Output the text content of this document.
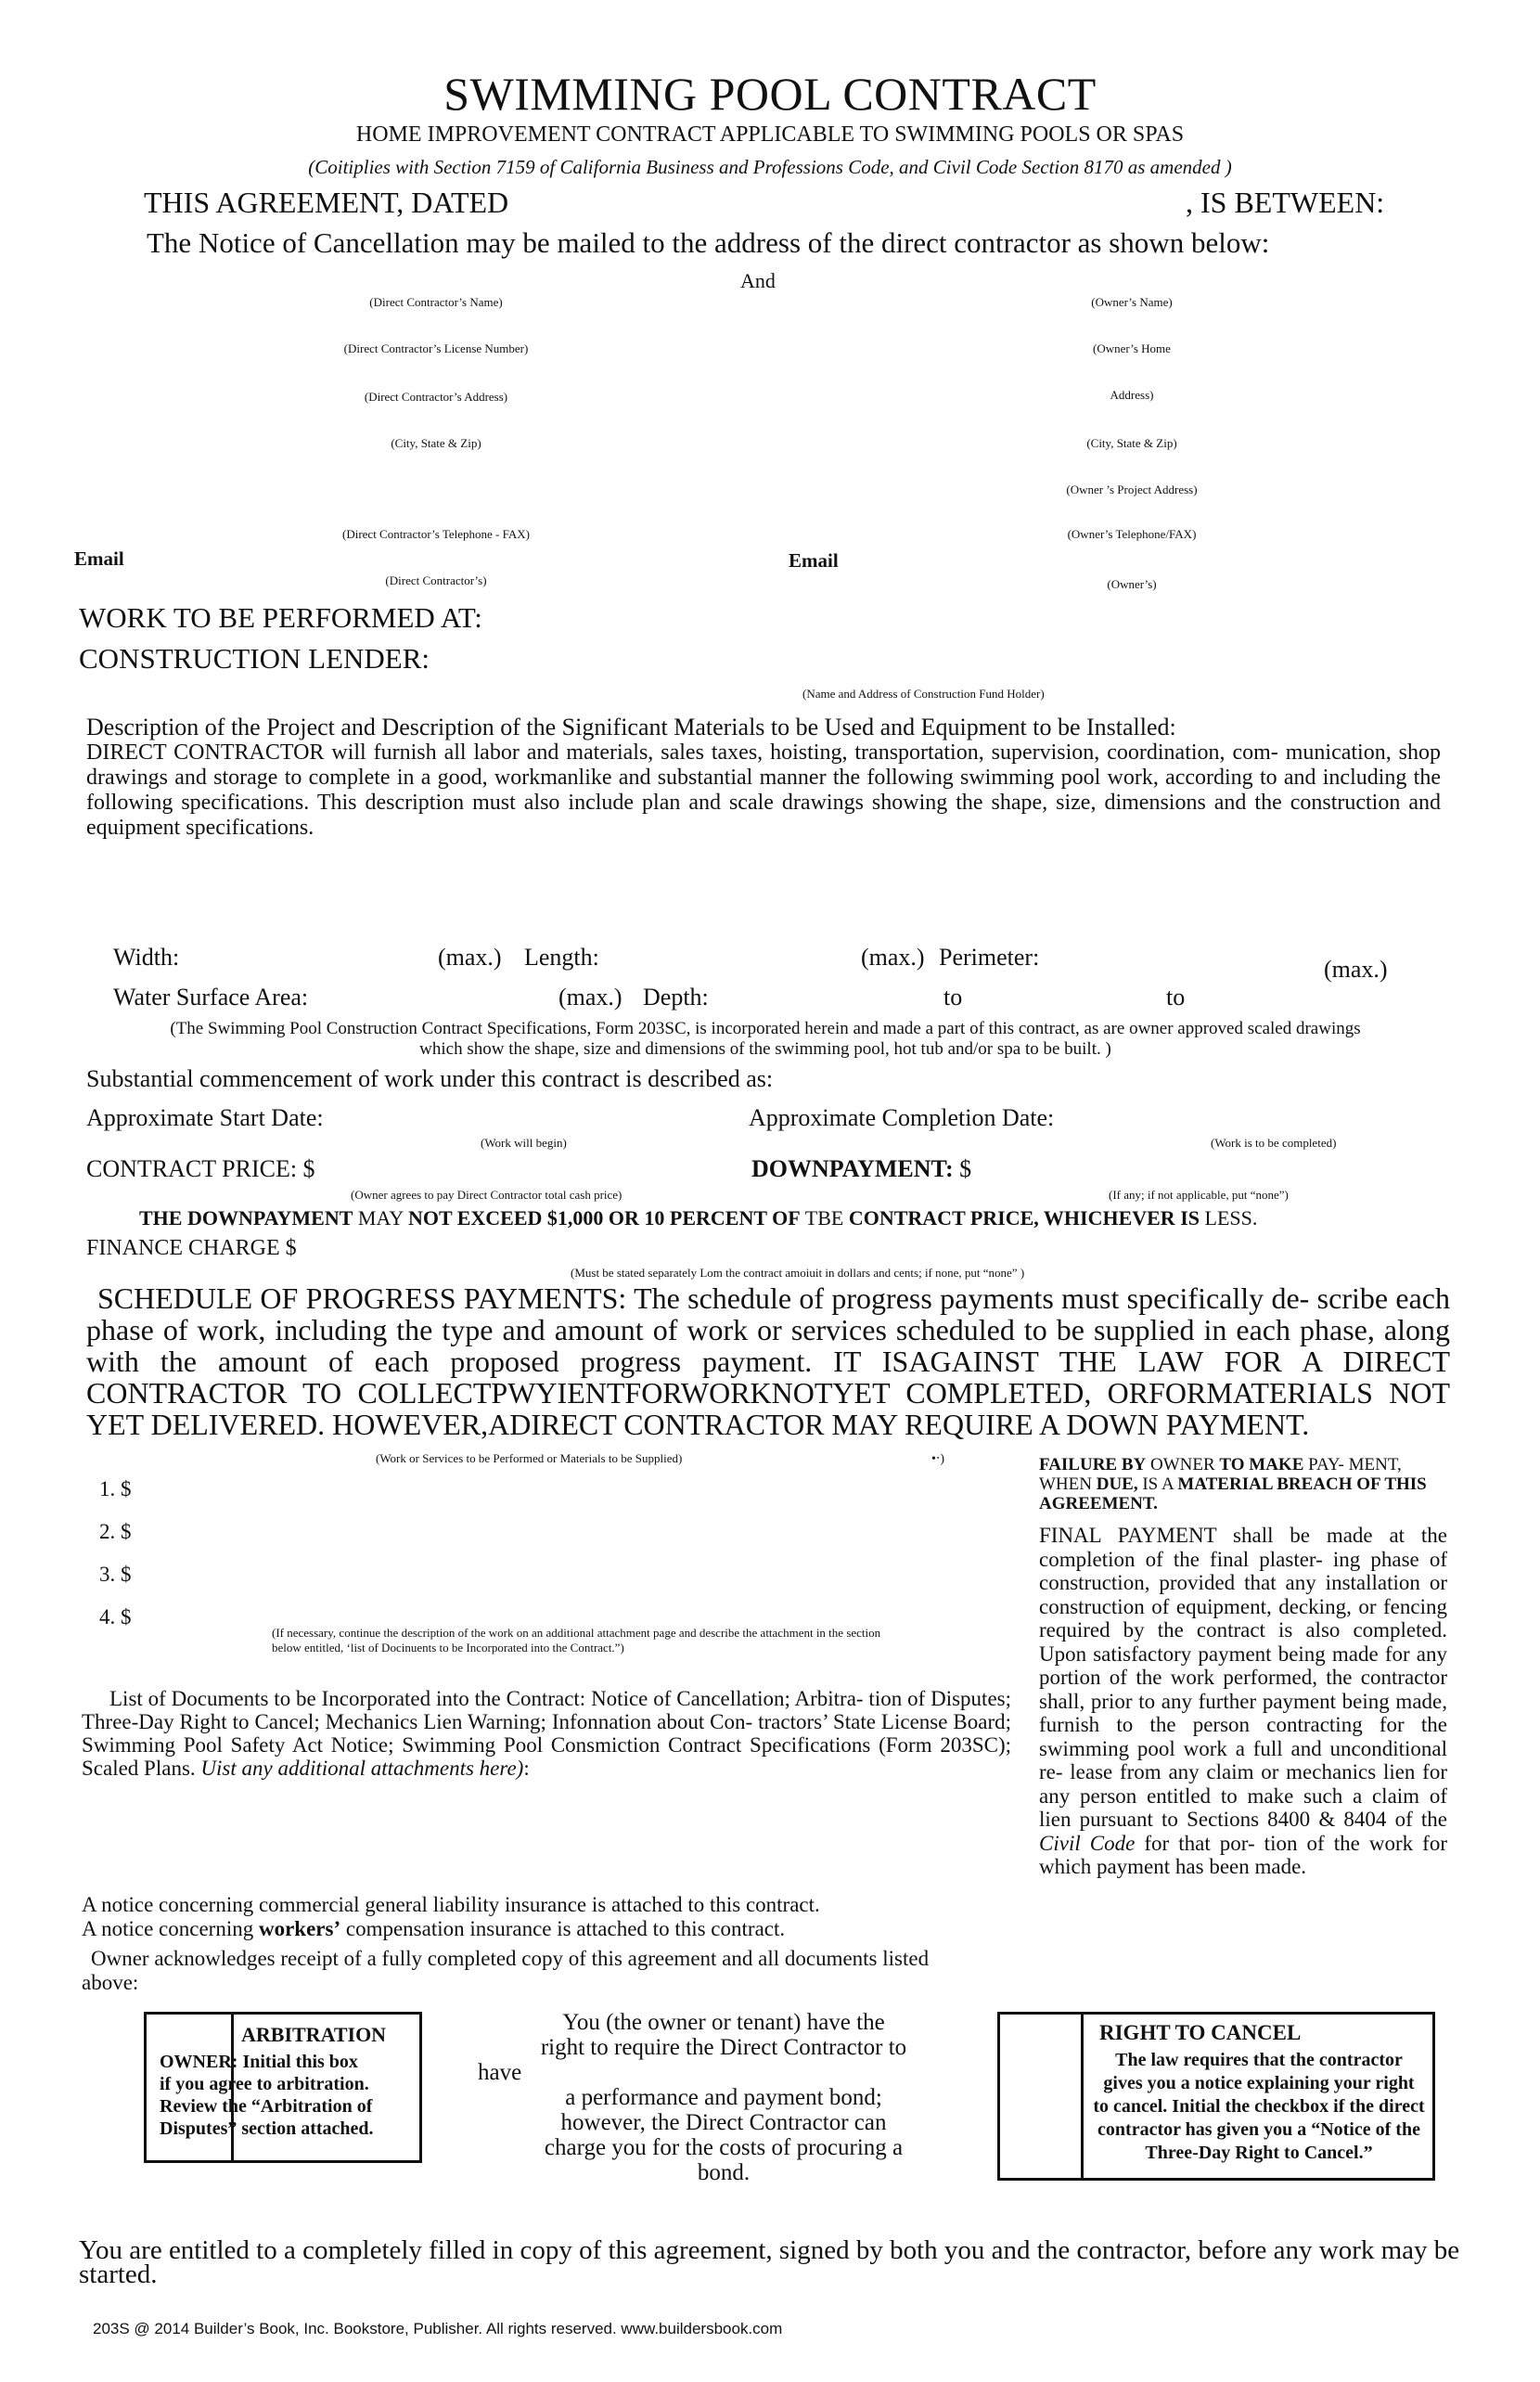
SWIMMING POOL CONTRACT
HOME IMPROVEMENT CONTRACT APPLICABLE TO SWIMMING POOLS OR SPAS
(Coitiplies with Section 7159 of California Business and Professions Code, and Civil Code Section 8170 as amended )
THIS AGREEMENT, DATED	, IS BETWEEN:
The Notice of Cancellation may be mailed to the address of the direct contractor as shown below:
And
(Direct Contractor’s Name)
(Direct Contractor’s License Number)
(Direct Contractor’s Address)
(City, State & Zip)
(Direct Contractor’s Telephone - FAX)
Email
(Direct Contractor’s)
(Owner’s Name)
(Owner’s Home
Address)
(City, State & Zip)
(Owner ’s Project Address)
(Owner’s Telephone/FAX)
Email
(Owner’s)
WORK TO BE PERFORMED AT:
CONSTRUCTION LENDER:
(Name and Address of Construction Fund Holder)
Description of the Project and Description of the Significant Materials to be Used and Equipment to be Installed:
DIRECT CONTRACTOR will furnish all labor and materials, sales taxes, hoisting, transportation, supervision, coordination, com- munication, shop drawings and storage to complete in a good, workmanlike and substantial manner the following swimming pool work, according to and including the following specifications. This description must also include plan and scale drawings showing the shape, size, dimensions and the construction and equipment specifications.
Width:	(max.) Length:	(max.) Perimeter:	(max.)
Water Surface Area:	(max.) Depth:	to	to
(The Swimming Pool Construction Contract Specifications, Form 203SC, is incorporated herein and made a part of this contract, as are owner approved scaled drawings which show the shape, size and dimensions of the swimming pool, hot tub and/or spa to be built. )
Substantial commencement of work under this contract is described as:
Approximate Start Date:
(Work will begin)
Approximate Completion Date:
(Work is to be completed)
CONTRACT PRICE: $
(Owner agrees to pay Direct Contractor total cash price)
DOWNPAYMENT: $
(If any; if not applicable, put “none”)
THE DOWNPAYMENT MAY NOT EXCEED $1,000 OR 10 PERCENT OF TBE CONTRACT PRICE, WHICHEVER IS LESS.
FINANCE CHARGE $
(Must be stated separately Lom the contract amoiuit in dollars and cents; if none, put “none” )
SCHEDULE OF PROGRESS PAYMENTS: The schedule of progress payments must specifically de- scribe each phase of work, including the type and amount of work or services scheduled to be supplied in each phase, along with the amount of each proposed progress payment. IT ISAGAINST THE LAW FOR A DIRECT CONTRACTOR TO COLLECTPWYIENTFORWORKNOTYET COMPLETED, ORFORMATERIALS NOT YET DELIVERED. HOWEVER,ADIRECT CONTRACTOR MAY REQUIRE A DOWN PAYMENT.
(Work or Services to be Performed or Materials to be Supplied)	•‧)
1. $
2. $
3. $
4. $
(If necessary, continue the description of the work on an additional attachment page and describe the attachment in the section below entitled, ‘list of Docinuents to be Incorporated into the Contract.”)
FAILURE BY OWNER TO MAKE PAY- MENT, WHEN DUE, IS A MATERIAL BREACH OF THIS AGREEMENT.
FINAL PAYMENT shall be made at the completion of the final plaster- ing phase of construction, provided that any installation or construction of equipment, decking, or fencing required by the contract is also completed. Upon satisfactory payment being made for any portion of the work performed, the contractor shall, prior to any further payment being made, furnish to the person contracting for the swimming pool work a full and unconditional re- lease from any claim or mechanics lien for any person entitled to make such a claim of lien pursuant to Sections 8400 & 8404 of the Civil Code for that por- tion of the work for which payment has been made.
List of Documents to be Incorporated into the Contract: Notice of Cancellation; Arbitra- tion of Disputes; Three-Day Right to Cancel; Mechanics Lien Warning; Infonnation about Con- tractors’ State License Board; Swimming Pool Safety Act Notice; Swimming Pool Consmiction Contract Specifications (Form 203SC); Scaled Plans. Uist any additional attachments here):
A notice concerning commercial general liability insurance is attached to this contract.
A notice concerning workers’ compensation insurance is attached to this contract.
Owner acknowledges receipt of a fully completed copy of this agreement and all documents listed above:
ARBITRATION
OWNER: Initial this box
if you agree to arbitration.
Review the “Arbitration of
Disputes” section attached.
You (the owner or tenant) have the
right to require the Direct Contractor to
have
a performance and payment bond;
however, the Direct Contractor can
charge you for the costs of procuring a
bond.
RIGHT TO CANCEL
The law requires that the contractor
gives you a notice explaining your right
to cancel. Initial the checkbox if the direct
contractor has given you a “Notice of the
Three-Day Right to Cancel.”
You are entitled to a completely filled in copy of this agreement, signed by both you and the contractor, before any work may be started.
203S @ 2014 Builder’s Book, Inc. Bookstore, Publisher. All rights reserved. www.buildersbook.com
